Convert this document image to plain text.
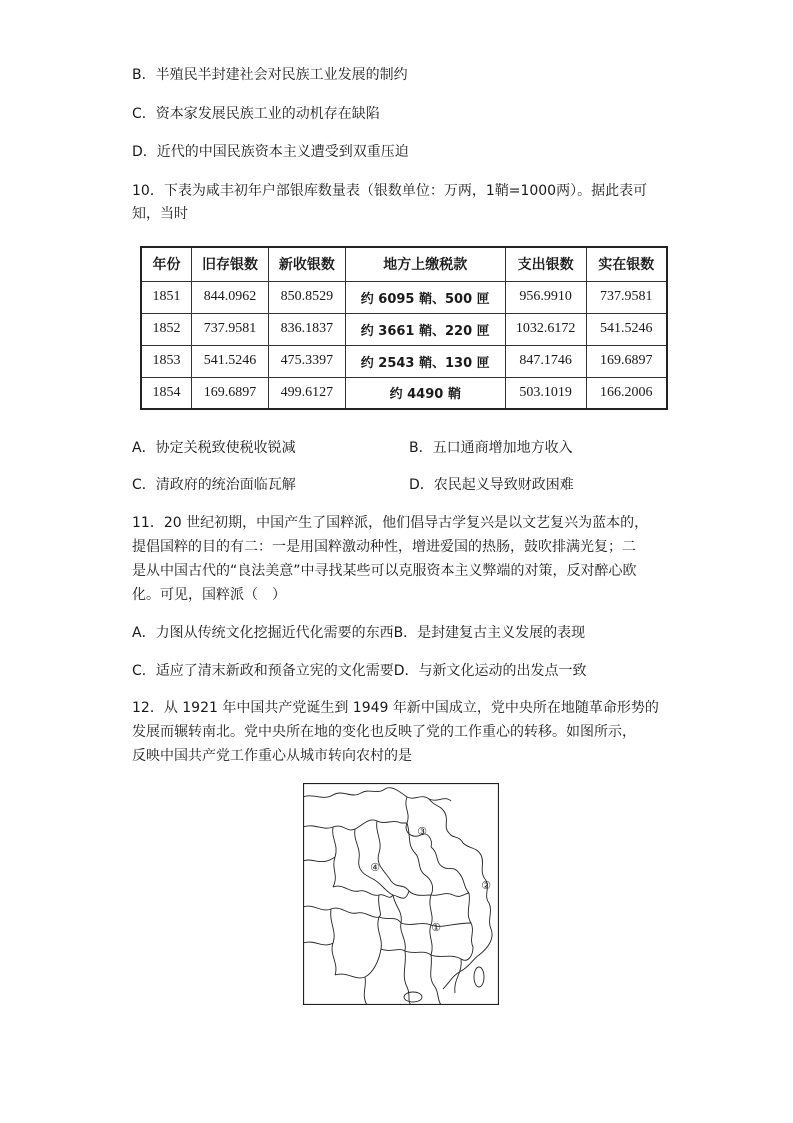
B．半殖民半封建社会对民族工业发展的制约
C．资本家发展民族工业的动机存在缺陷
D．近代的中国民族资本主义遭受到双重压迫
10．下表为咸丰初年户部银库数量表（银数单位：万两，1鞘=1000两）。据此表可
知，当时
年份	旧存银数	新收银数	地方上缴税款	支出银数	实在银数
1851	844.0962	850.8529	约 6095 鞘、500 匣	956.9910	737.9581
1852	737.9581	836.1837	约 3661 鞘、220 匣	1032.6172	541.5246
1853	541.5246	475.3397	约 2543 鞘、130 匣	847.1746	169.6897
1854	169.6897	499.6127	约 4490 鞘	503.1019	166.2006
A．协定关税致使税收锐减	B．五口通商增加地方收入
C．清政府的统治面临瓦解	D．农民起义导致财政困难
11．20 世纪初期，中国产生了国粹派，他们倡导古学复兴是以文艺复兴为蓝本的，
提倡国粹的目的有二：一是用国粹激动种性，增进爱国的热肠，鼓吹排满光复；二
是从中国古代的“良法美意”中寻找某些可以克服资本主义弊端的对策，反对醉心欧
化。可见，国粹派（　）
A．力图从传统文化挖掘近代化需要的东西B．是封建复古主义发展的表现
C．适应了清末新政和预备立宪的文化需要D．与新文化运动的出发点一致
12．从 1921 年中国共产党诞生到 1949 年新中国成立，党中央所在地随革命形势的
发展而辗转南北。党中央所在地的变化也反映了党的工作重心的转移。如图所示，
反映中国共产党工作重心从城市转向农村的是
③
④
②
①
